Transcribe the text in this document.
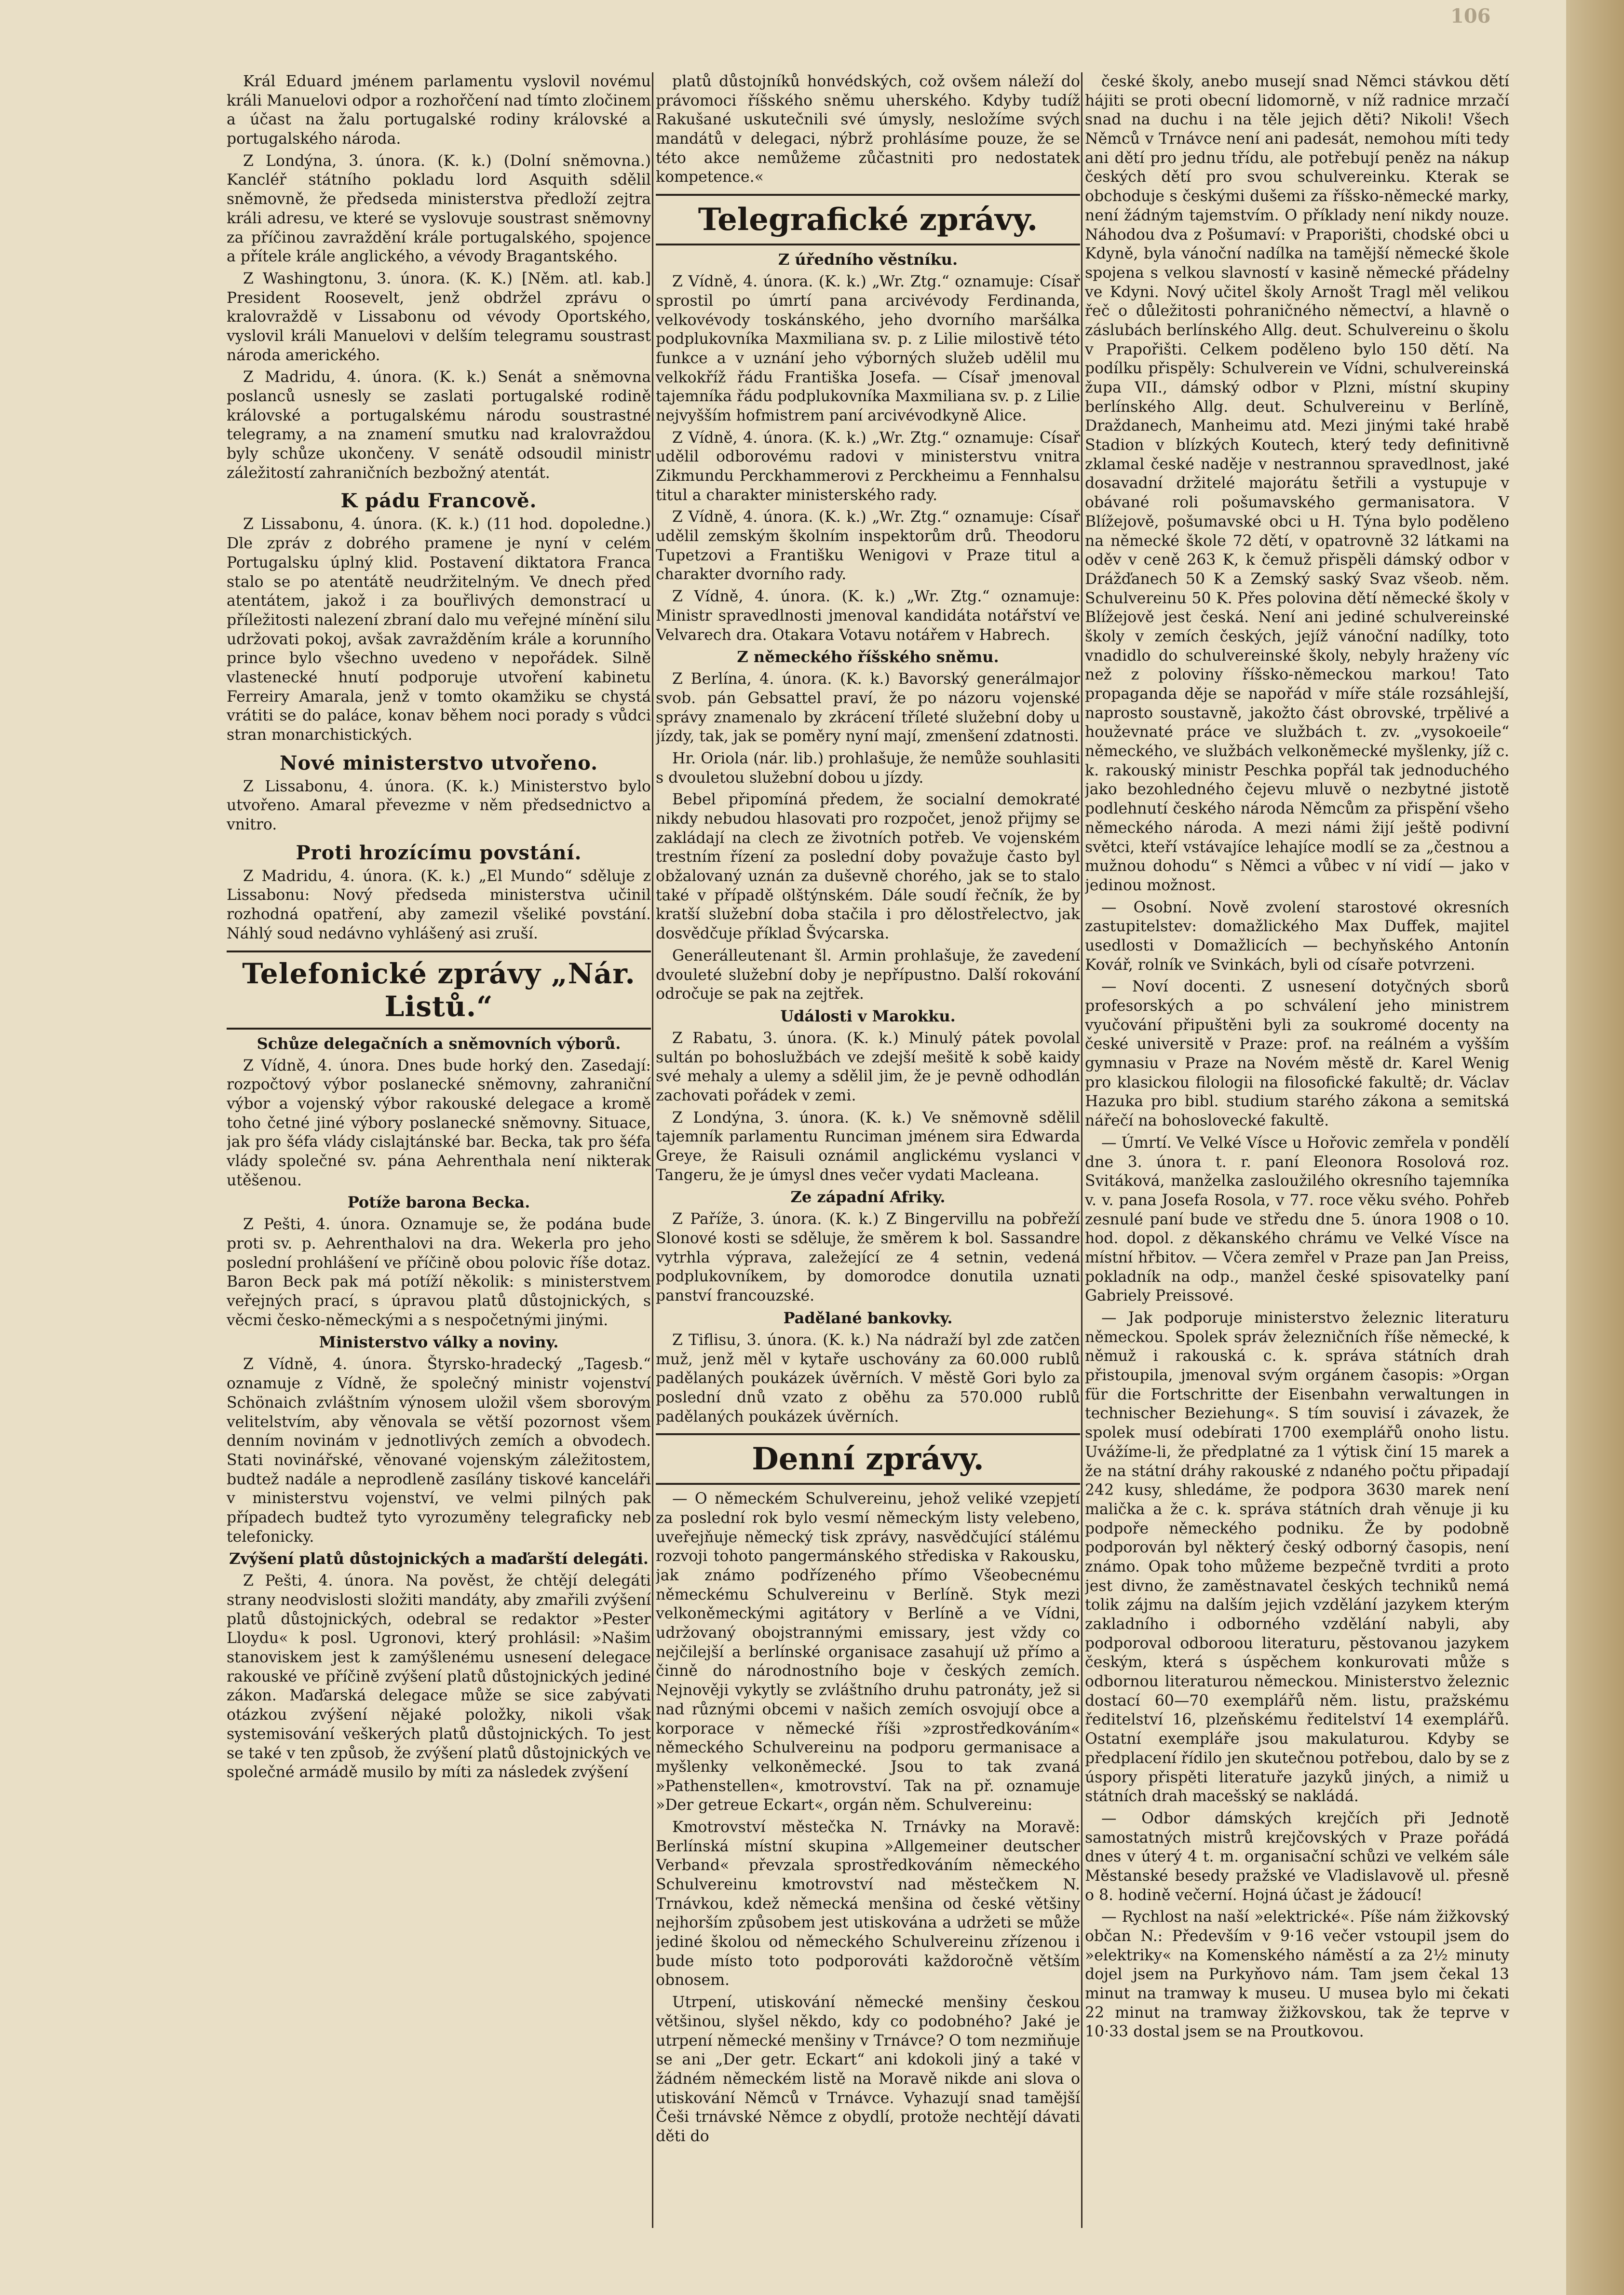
106

Král Eduard jménem parlamentu vyslovil novému králi Manuelovi odpor a rozhořčení nad tímto zločinem a účast na žalu portugalské rodiny královské a portugalského národa.

Z Londýna, 3. února. (K. k.) (Dolní sněmovna.) Kancléř státního pokladu lord Asquith sdělil sněmovně, že předseda ministerstva předloží zejtra králi adresu, ve které se vyslovuje soustrast sněmovny za příčinou zavraždění krále portugalského, spojence a přítele krále anglického, a vévody Bragantského.

Z Washingtonu, 3. února. (K. K.) [Něm. atl. kab.] President Roosevelt, jenž obdržel zprávu o kralovraždě v Lissabonu od vévody Oportského, vyslovil králi Manuelovi v delším telegramu soustrast národa amerického.

Z Madridu, 4. února. (K. k.) Senát a sněmovna poslanců usnesly se zaslati portugalské rodině královské a portugalskému národu soustrastné telegramy, a na znamení smutku nad kralovraždou byly schůze ukončeny. V senátě odsoudil ministr záležitostí zahraničních bezbožný atentát.

K pádu Francově.

Z Lissabonu, 4. února. (K. k.) (11 hod. dopoledne.) Dle zpráv z dobrého pramene je nyní v celém Portugalsku úplný klid. Postavení diktatora Franca stalo se po atentátě neudržitelným. Ve dnech před atentátem, jakož i za bouřlivých demonstrací u příležitosti nalezení zbraní dalo mu veřejné mínění silu udržovati pokoj, avšak zavražděním krále a korunního prince bylo všechno uvedeno v nepořádek. Silně vlastenecké hnutí podporuje utvoření kabinetu Ferreiry Amarala, jenž v tomto okamžiku se chystá vrátiti se do paláce, konav během noci porady s vůdci stran monarchistických.

Nové ministerstvo utvořeno.

Z Lissabonu, 4. února. (K. k.) Ministerstvo bylo utvořeno. Amaral převezme v něm předsednictvo a vnitro.

Proti hrozícímu povstání.

Z Madridu, 4. února. (K. k.) „El Mundo“ sděluje z Lissabonu: Nový předseda ministerstva učinil rozhodná opatření, aby zamezil všeliké povstání. Náhlý soud nedávno vyhlášený asi zruší.

Telefonické zprávy „Nár. Listů.“
Schůze delegačních a sněmovních výborů.

Z Vídně, 4. února. Dnes bude horký den. Zasedají: rozpočtový výbor poslanecké sněmovny, zahraniční výbor a vojenský výbor rakouské delegace a kromě toho četné jiné výbory poslanecké sněmovny. Situace, jak pro šéfa vlády cislajtánské bar. Becka, tak pro šéfa vlády společné sv. pána Aehrenthala není nikterak utěšenou.

Potíže barona Becka.

Z Pešti, 4. února. Oznamuje se, že podána bude proti sv. p. Aehrenthalovi na dra. Wekerla pro jeho poslední prohlášení ve příčině obou polovic říše dotaz. Baron Beck pak má potíží několik: s ministerstvem veřejných prací, s úpravou platů důstojnických, s věcmi česko-německými a s nespočetnými jinými.

Ministerstvo války a noviny.

Z Vídně, 4. února. Štyrsko-hradecký „Tagesb.“ oznamuje z Vídně, že společný ministr vojenství Schönaich zvláštním výnosem uložil všem sborovým velitelstvím, aby věnovala se větší pozornost všem denním novinám v jednotlivých zemích a obvodech. Stati novinářské, věnované vojenským záležitostem, budtež nadále a neprodleně zasílány tiskové kanceláři v ministerstvu vojenství, ve velmi pilných pak případech budtež tyto vyrozuměny telegraficky neb telefonicky.

Zvýšení platů důstojnických a maďarští delegáti.

Z Pešti, 4. února. Na pověst, že chtějí delegáti strany neodvislosti složiti mandáty, aby zmařili zvýšení platů důstojnických, odebral se redaktor »Pester Lloydu« k posl. Ugronovi, který prohlásil: »Našim stanoviskem jest k zamýšlenému usnesení delegace rakouské ve příčině zvýšení platů důstojnických jediné zákon. Maďarská delegace může se sice zabývati otázkou zvýšení nějaké položky, nikoli však systemisování veškerých platů důstojnických. To jest se také v ten způsob, že zvýšení platů důstojnických ve společné armádě musilo by míti za následek zvýšení

platů důstojníků honvédských, což ovšem náleží do právomoci říšského sněmu uherského. Kdyby tudíž Rakušané uskutečnili své úmysly, nesložíme svých mandátů v delegaci, nýbrž prohlásíme pouze, že se této akce nemůžeme zůčastniti pro nedostatek kompetence.«

Telegrafické zprávy.
Z úředního věstníku.

Z Vídně, 4. února. (K. k.) „Wr. Ztg.“ oznamuje: Císař sprostil po úmrtí pana arcivévody Ferdinanda, velkovévody toskánského, jeho dvorního maršálka podplukovníka Maxmiliana sv. p. z Lilie milostivě této funkce a v uznání jeho výborných služeb udělil mu velkokříž řádu Františka Josefa. — Císař jmenoval tajemníka řádu podplukovníka Maxmiliana sv. p. z Lilie nejvyšším hofmistrem paní arcivévodkyně Alice.

Z Vídně, 4. února. (K. k.) „Wr. Ztg.“ oznamuje: Císař udělil odborovému radovi v ministerstvu vnitra Zikmundu Perckhammerovi z Perckheimu a Fennhalsu titul a charakter ministerského rady.

Z Vídně, 4. února. (K. k.) „Wr. Ztg.“ oznamuje: Císař udělil zemským školním inspektorům drů. Theodoru Tupetzovi a Františku Wenigovi v Praze titul a charakter dvorního rady.

Z Vídně, 4. února. (K. k.) „Wr. Ztg.“ oznamuje: Ministr spravedlnosti jmenoval kandidáta notářství ve Velvarech dra. Otakara Votavu notářem v Habrech.

Z německého říšského sněmu.

Z Berlína, 4. února. (K. k.) Bavorský generálmajor svob. pán Gebsattel praví, že po názoru vojenské správy znamenalo by zkrácení tříleté služební doby u jízdy, tak, jak se poměry nyní mají, zmenšení zdatnosti.

Hr. Oriola (nár. lib.) prohlašuje, že nemůže souhlasiti s dvouletou služební dobou u jízdy.

Bebel připomíná předem, že socialní demokraté nikdy nebudou hlasovati pro rozpočet, jenož přijmy se zakládají na clech ze životních potřeb. Ve vojenském trestním řízení za poslední doby považuje často byl obžalovaný uznán za duševně chorého, jak se to stalo také v případě olštýnském. Dále soudí řečník, že by kratší služební doba stačila i pro dělostřelectvo, jak dosvědčuje příklad Švýcarska.

Generálleutenant šl. Armin prohlašuje, že zavedení dvouleté služební doby je nepřípustno. Další rokování odročuje se pak na zejtřek.

Události v Marokku.

Z Rabatu, 3. února. (K. k.) Minulý pátek povolal sultán po bohoslužbách ve zdejší mešitě k sobě kaidy své mehaly a ulemy a sdělil jim, že je pevně odhodlán zachovati pořádek v zemi.

Z Londýna, 3. února. (K. k.) Ve sněmovně sdělil tajemník parlamentu Runciman jménem sira Edwarda Greye, že Raisuli oznámil anglickému vyslanci v Tangeru, že je úmysl dnes večer vydati Macleana.

Ze západní Afriky.

Z Paříže, 3. února. (K. k.) Z Bingervillu na pobřeží Slonové kosti se sděluje, že směrem k bol. Sassandre vytrhla výprava, zaležející ze 4 setnin, vedená podplukovníkem, by domorodce donutila uznati panství francouzské.

Padělané bankovky.

Z Tiflisu, 3. února. (K. k.) Na nádraží byl zde zatčen muž, jenž měl v kytaře uschovány za 60.000 rublů padělaných poukázek úvěrních. V městě Gori bylo za poslední dnů vzato z oběhu za 570.000 rublů padělaných poukázek úvěrních.

Denní zprávy.

— O německém Schulvereinu, jehož veliké vzepjetí za poslední rok bylo vesmí německým listy velebeno, uveřejňuje německý tisk zprávy, nasvědčující stálému rozvoji tohoto pangermánského střediska v Rakousku, jak známo podřízeného přímo Všeobecnému německému Schulvereinu v Berlíně. Styk mezi velkoněmeckými agitátory v Berlíně a ve Vídni, udržovaný obojstrannými emissary, jest vždy co nejčilejší a berlínské organisace zasahují už přímo a činně do národnostního boje v českých zemích. Nejnověji vykytly se zvláštního druhu patronáty, jež si nad různými obcemi v našich zemích osvojují obce a korporace v německé říši »zprostředkováním« německého Schulvereinu na podporu germanisace a myšlenky velkoněmecké. Jsou to tak zvaná »Pathenstellen«, kmotrovství. Tak na př. oznamuje »Der getreue Eckart«, orgán něm. Schulvereinu:

Kmotrovství městečka N. Trnávky na Moravě: Berlínská místní skupina »Allgemeiner deutscher Verband« převzala sprostředkováním německého Schulvereinu kmotrovství nad městečkem N. Trnávkou, kdež německá menšina od české většiny nejhorším způsobem jest utiskována a udržeti se může jediné školou od německého Schulvereinu zřízenou i bude místo toto podporováti každoročně větším obnosem.

Utrpení, utiskování německé menšiny českou většinou, slyšel někdo, kdy co podobného? Jaké je utrpení německé menšiny v Trnávce? O tom nezmiňuje se ani „Der getr. Eckart“ ani kdokoli jiný a také v žádném německém listě na Moravě nikde ani slova o utiskování Němců v Trnávce. Vyhazují snad tamější Češi trnávské Němce z obydlí, protože nechtějí dávati děti do

české školy, anebo musejí snad Němci stávkou dětí hájiti se proti obecní lidomorně, v níž radnice mrzačí snad na duchu i na těle jejich děti? Nikoli! Všech Němců v Trnávce není ani padesát, nemohou míti tedy ani dětí pro jednu třídu, ale potřebují peněz na nákup českých dětí pro svou schulvereinku. Kterak se obchoduje s českými dušemi za říšsko-německé marky, není žádným tajemstvím. O příklady není nikdy nouze. Náhodou dva z Pošumaví: v Praporišti, chodské obci u Kdyně, byla vánoční nadílka na tamější německé škole spojena s velkou slavností v kasině německé přádelny ve Kdyni. Nový učitel školy Arnošt Tragl měl velikou řeč o důležitosti pohraničného němectví, a hlavně o záslubách berlínského Allg. deut. Schulvereinu o školu v Prapořišti. Celkem poděleno bylo 150 dětí. Na podílku přispěly: Schulverein ve Vídni, schulvereinská župa VII., dámský odbor v Plzni, místní skupiny berlínského Allg. deut. Schulvereinu v Berlíně, Draždanech, Manheimu atd. Mezi jinými také hrabě Stadion v blízkých Koutech, který tedy definitivně zklamal české naděje v nestrannou spravedlnost, jaké dosavadní držitelé majorátu šetřili a vystupuje v obávané roli pošumavského germanisatora. V Blížejově, pošumavské obci u H. Týna bylo poděleno na německé škole 72 dětí, v opatrovně 32 látkami na oděv v ceně 263 K, k čemuž přispěli dámský odbor v Drážďanech 50 K a Zemský saský Svaz všeob. něm. Schulvereinu 50 K. Přes polovina dětí německé školy v Blížejově jest česká. Není ani jediné schulvereinské školy v zemích českých, jejíž vánoční nadílky, toto vnadidlo do schulvereinské školy, nebyly hraženy víc než z poloviny říšsko-německou markou! Tato propaganda děje se napořád v míře stále rozsáhlejší, naprosto soustavně, jakožto část obrovské, trpělivé a houževnaté práce ve službách t. zv. „vysokoeile“ německého, ve službách velkoněmecké myšlenky, jíž c. k. rakouský ministr Peschka popřál tak jednoduchého jako bezohledného čejevu mluvě o nezbytné jistotě podlehnutí českého národa Němcům za přispění všeho německého národa. A mezi námi žijí ještě podivní světci, kteří vstávajíce lehajíce modlí se za „čestnou a mužnou dohodu“ s Němci a vůbec v ní vidí — jako v jedinou možnost.

— Osobní. Nově zvolení starostové okresních zastupitelstev: domažlického Max Duffek, majitel usedlosti v Domažlicích — bechyňského Antonín Kovář, rolník ve Svinkách, byli od císaře potvrzeni.

— Noví docenti. Z usnesení dotyčných sborů profesorských a po schválení jeho ministrem vyučování připuštěni byli za soukromé docenty na české universitě v Praze: prof. na reálném a vyšším gymnasiu v Praze na Novém městě dr. Karel Wenig pro klasickou filologii na filosofické fakultě; dr. Václav Hazuka pro bibl. studium starého zákona a semitská nářečí na bohoslovecké fakultě.

— Úmrtí. Ve Velké Vísce u Hořovic zemřela v pondělí dne 3. února t. r. paní Eleonora Rosolová roz. Svitáková, manželka zasloužilého okresního tajemníka v. v. pana Josefa Rosola, v 77. roce věku svého. Pohřeb zesnulé paní bude ve středu dne 5. února 1908 o 10. hod. dopol. z děkanského chrámu ve Velké Vísce na místní hřbitov. — Včera zemřel v Praze pan Jan Preiss, pokladník na odp., manžel české spisovatelky paní Gabriely Preissové.

— Jak podporuje ministerstvo železnic literaturu německou. Spolek správ železničních říše německé, k němuž i rakouská c. k. správa státních drah přistoupila, jmenoval svým orgánem časopis: »Organ für die Fortschritte der Eisenbahn verwaltungen in technischer Beziehung«. S tím souvisí i závazek, že spolek musí odebírati 1700 exemplářů onoho listu. Uvážíme-li, že předplatné za 1 výtisk činí 15 marek a že na státní dráhy rakouské z ndaného počtu připadají 242 kusy, shledáme, že podpora 3630 marek není malička a že c. k. správa státních drah věnuje ji ku podpoře německého podniku. Že by podobně podporován byl některý český odborný časopis, není známo. Opak toho můžeme bezpečně tvrditi a proto jest divno, že zaměstnavatel českých techniků nemá tolik zájmu na dalším jejich vzdělání jazykem kterým zakladního i odborného vzdělání nabyli, aby podporoval odboroou literaturu, pěstovanou jazykem českým, která s úspěchem konkurovati může s odbornou literaturou německou. Ministerstvo železnic dostací 60—70 exemplářů něm. listu, pražskému ředitelství 16, plzeňskému ředitelství 14 exemplářů. Ostatní exempláře jsou makulaturou. Kdyby se předplacení řídilo jen skutečnou potřebou, dalo by se z úspory přispěti literatuře jazyků jiných, a nimiž u státních drah macešský se nakládá.

— Odbor dámských krejčích při Jednotě samostatných mistrů krejčovských v Praze pořádá dnes v úterý 4 t. m. organisační schůzi ve velkém sále Městanské besedy pražské ve Vladislavově ul. přesně o 8. hodině večerní. Hojná účast je žádoucí!

— Rychlost na naší »elektrické«. Píše nám žižkovský občan N.: Především v 9·16 večer vstoupil jsem do »elektriky« na Komenského náměstí a za 2½ minuty dojel jsem na Purkyňovo nám. Tam jsem čekal 13 minut na tramway k museu. U musea bylo mi čekati 22 minut na tramway žižkovskou, tak že teprve v 10·33 dostal jsem se na Proutkovou.
